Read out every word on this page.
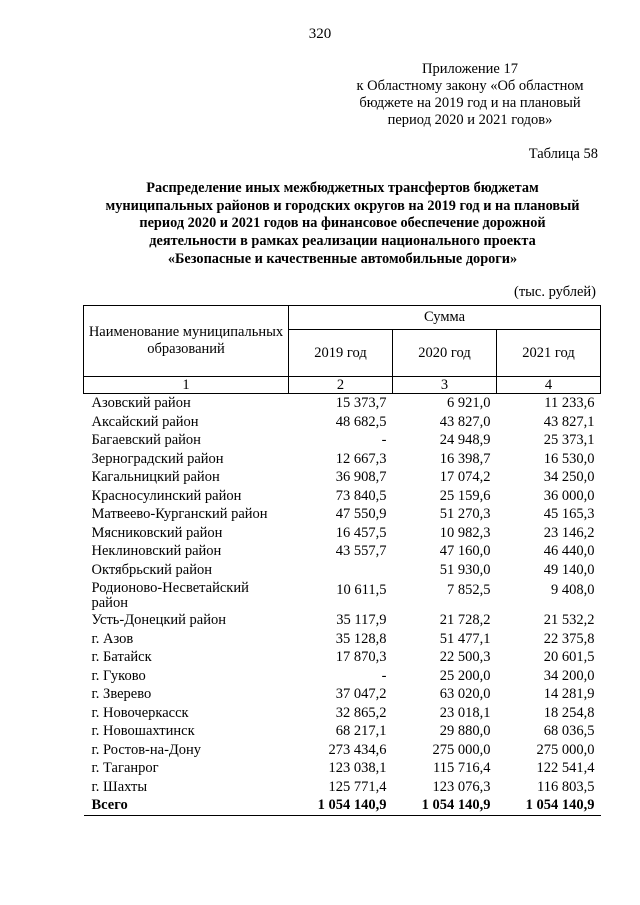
320
Приложение 17
к Областному закону «Об областном
бюджете на 2019 год и на плановый
период 2020 и 2021 годов»
Таблица 58
Распределение иных межбюджетных трансфертов бюджетам
муниципальных районов и городских округов на 2019 год и на плановый
период 2020 и 2021 годов на финансовое обеспечение дорожной
деятельности в рамках реализации национального проекта
«Безопасные и качественные автомобильные дороги»
(тыс. рублей)
Наименование муниципальных образований	Сумма		
	2019 год	2020 год	2021 год
1	2	3	4
Азовский район	15 373,7	6 921,0	11 233,6
Аксайский район	48 682,5	43 827,0	43 827,1
Багаевский район	-	24 948,9	25 373,1
Зерноградский район	12 667,3	16 398,7	16 530,0
Кагальницкий район	36 908,7	17 074,2	34 250,0
Красносулинский район	73 840,5	25 159,6	36 000,0
Матвеево-Курганский район	47 550,9	51 270,3	45 165,3
Мясниковский район	16 457,5	10 982,3	23 146,2
Неклиновский район	43 557,7	47 160,0	46 440,0
Октябрьский район		51 930,0	49 140,0
Родионово-Несветайский район	10 611,5	7 852,5	9 408,0
Усть-Донецкий район	35 117,9	21 728,2	21 532,2
г. Азов	35 128,8	51 477,1	22 375,8
г. Батайск	17 870,3	22 500,3	20 601,5
г. Гуково	-	25 200,0	34 200,0
г. Зверево	37 047,2	63 020,0	14 281,9
г. Новочеркасск	32 865,2	23 018,1	18 254,8
г. Новошахтинск	68 217,1	29 880,0	68 036,5
г. Ростов-на-Дону	273 434,6	275 000,0	275 000,0
г. Таганрог	123 038,1	115 716,4	122 541,4
г. Шахты	125 771,4	123 076,3	116 803,5
Всего	1 054 140,9	1 054 140,9	1 054 140,9
